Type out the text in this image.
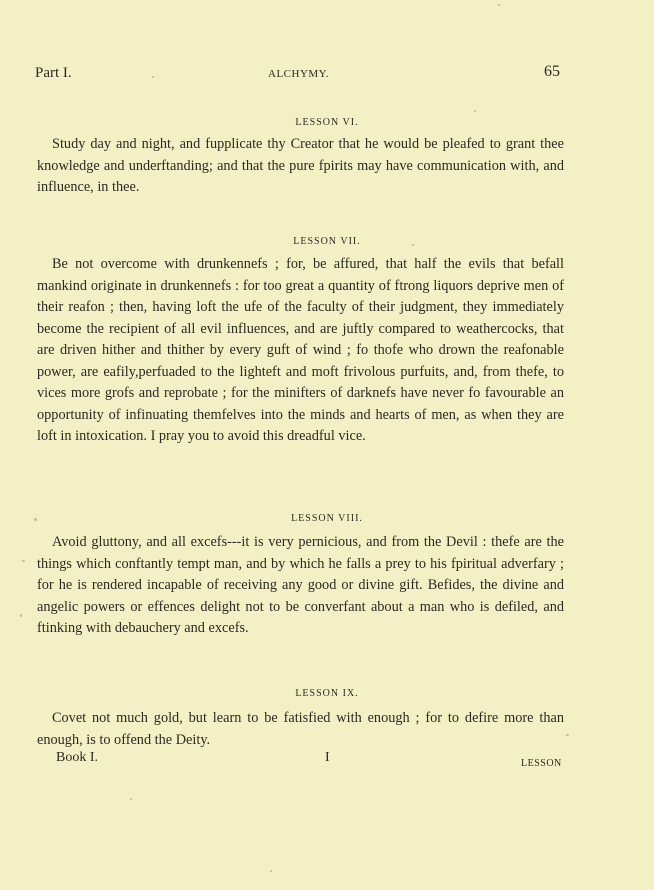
Part I.	ALCHYMY.	65
LESSON VI.
Study day and night, and fupplicate thy Creator that he would be pleafed to grant thee knowledge and underftanding; and that the pure fpirits may have communication with, and influence, in thee.
LESSON VII.
Be not overcome with drunkennefs ; for, be affured, that half the evils that befall mankind originate in drunkennefs : for too great a quantity of ftrong liquors deprive men of their reafon ; then, having loft the ufe of the faculty of their judgment, they immediately become the recipient of all evil influences, and are juftly compared to weathercocks, that are driven hither and thither by every guft of wind ; fo thofe who drown the reafonable power, are eafily,perfuaded to the lighteft and moft frivolous purfuits, and, from thefe, to vices more grofs and reprobate ; for the minifters of darknefs have never fo favourable an opportunity of infinuating themfelves into the minds and hearts of men, as when they are loft in intoxication. I pray you to avoid this dreadful vice.
LESSON VIII.
Avoid gluttony, and all excefs---it is very pernicious, and from the Devil : thefe are the things which conftantly tempt man, and by which he falls a prey to his fpiritual adverfary ; for he is rendered incapable of receiving any good or divine gift. Befides, the divine and angelic powers or effences delight not to be converfant about a man who is defiled, and ftinking with debauchery and excefs.
LESSON IX.
Covet not much gold, but learn to be fatisfied with enough ; for to defire more than enough, is to offend the Deity.
Book I.	I	LESSON
